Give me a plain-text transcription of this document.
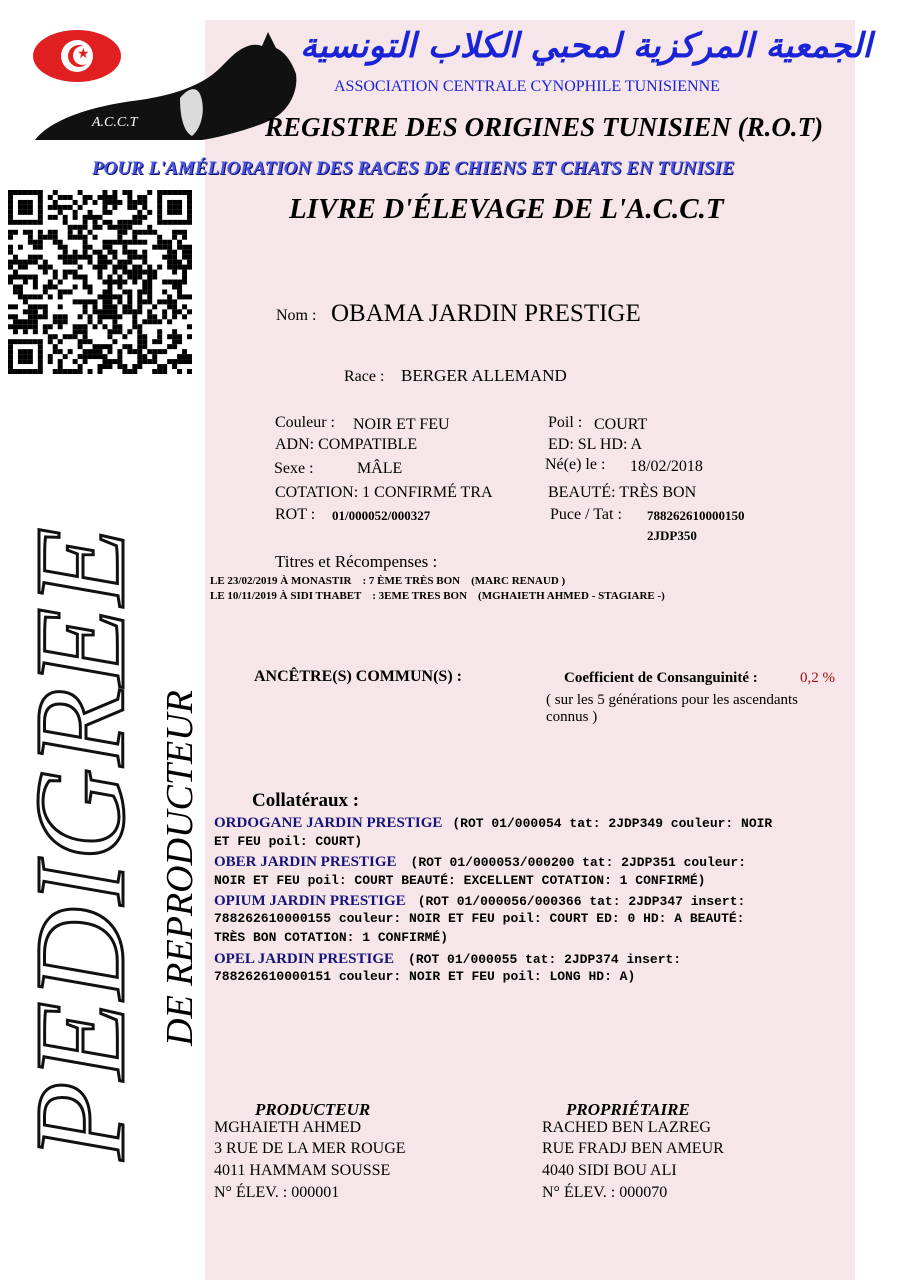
★
A.C.C.T
الجمعية المركزية لمحبي الكلاب التونسية
ASSOCIATION CENTRALE CYNOPHILE TUNISIENNE
REGISTRE DES ORIGINES TUNISIEN (R.O.T)
POUR L'AMÉLIORATION DES RACES DE CHIENS ET CHATS EN TUNISIE
LIVRE D'ÉLEVAGE DE L'A.C.C.T
PEDIGREE DE REPRODUCTEUR
Nom : OBAMA JARDIN PRESTIGE
Race : BERGER ALLEMAND
Couleur : NOIR ET FEU	Poil : COURT
ADN: COMPATIBLE	ED: SL HD: A
Sexe :	MÂLE	Né(e) le : 18/02/2018
COTATION: 1 CONFIRMÉ TRA	BEAUTÉ: TRÈS BON
ROT : 01/000052/000327	Puce / Tat : 788262610000150
2JDP350
Titres et Récompenses :
LE 23/02/2019 À MONASTIR    : 7 ÈME TRÈS BON    (MARC RENAUD )
LE 10/11/2019 À SIDI THABET    : 3EME TRES BON    (MGHAIETH AHMED - STAGIARE -)
ANCÊTRE(S) COMMUN(S) :	Coefficient de Consanguinité :	0,2 %
( sur les 5 générations pour les ascendants
connus )
Collatéraux :
ORDOGANE JARDIN PRESTIGE (ROT 01/000054 tat: 2JDP349 couleur: NOIR
ET FEU poil: COURT)
OBER JARDIN PRESTIGE (ROT 01/000053/000200 tat: 2JDP351 couleur:
NOIR ET FEU poil: COURT BEAUTÉ: EXCELLENT COTATION: 1 CONFIRMÉ)
OPIUM JARDIN PRESTIGE (ROT 01/000056/000366 tat: 2JDP347 insert:
788262610000155 couleur: NOIR ET FEU poil: COURT ED: 0 HD: A BEAUTÉ:
TRÈS BON COTATION: 1 CONFIRMÉ)
OPEL JARDIN PRESTIGE (ROT 01/000055 tat: 2JDP374 insert:
788262610000151 couleur: NOIR ET FEU poil: LONG HD: A)
PRODUCTEUR
MGHAIETH AHMED
3 RUE DE LA MER ROUGE
4011 HAMMAM SOUSSE
N° ÉLEV. : 000001
PROPRIÉTAIRE
RACHED BEN LAZREG
RUE FRADJ BEN AMEUR
4040 SIDI BOU ALI
N° ÉLEV. : 000070
